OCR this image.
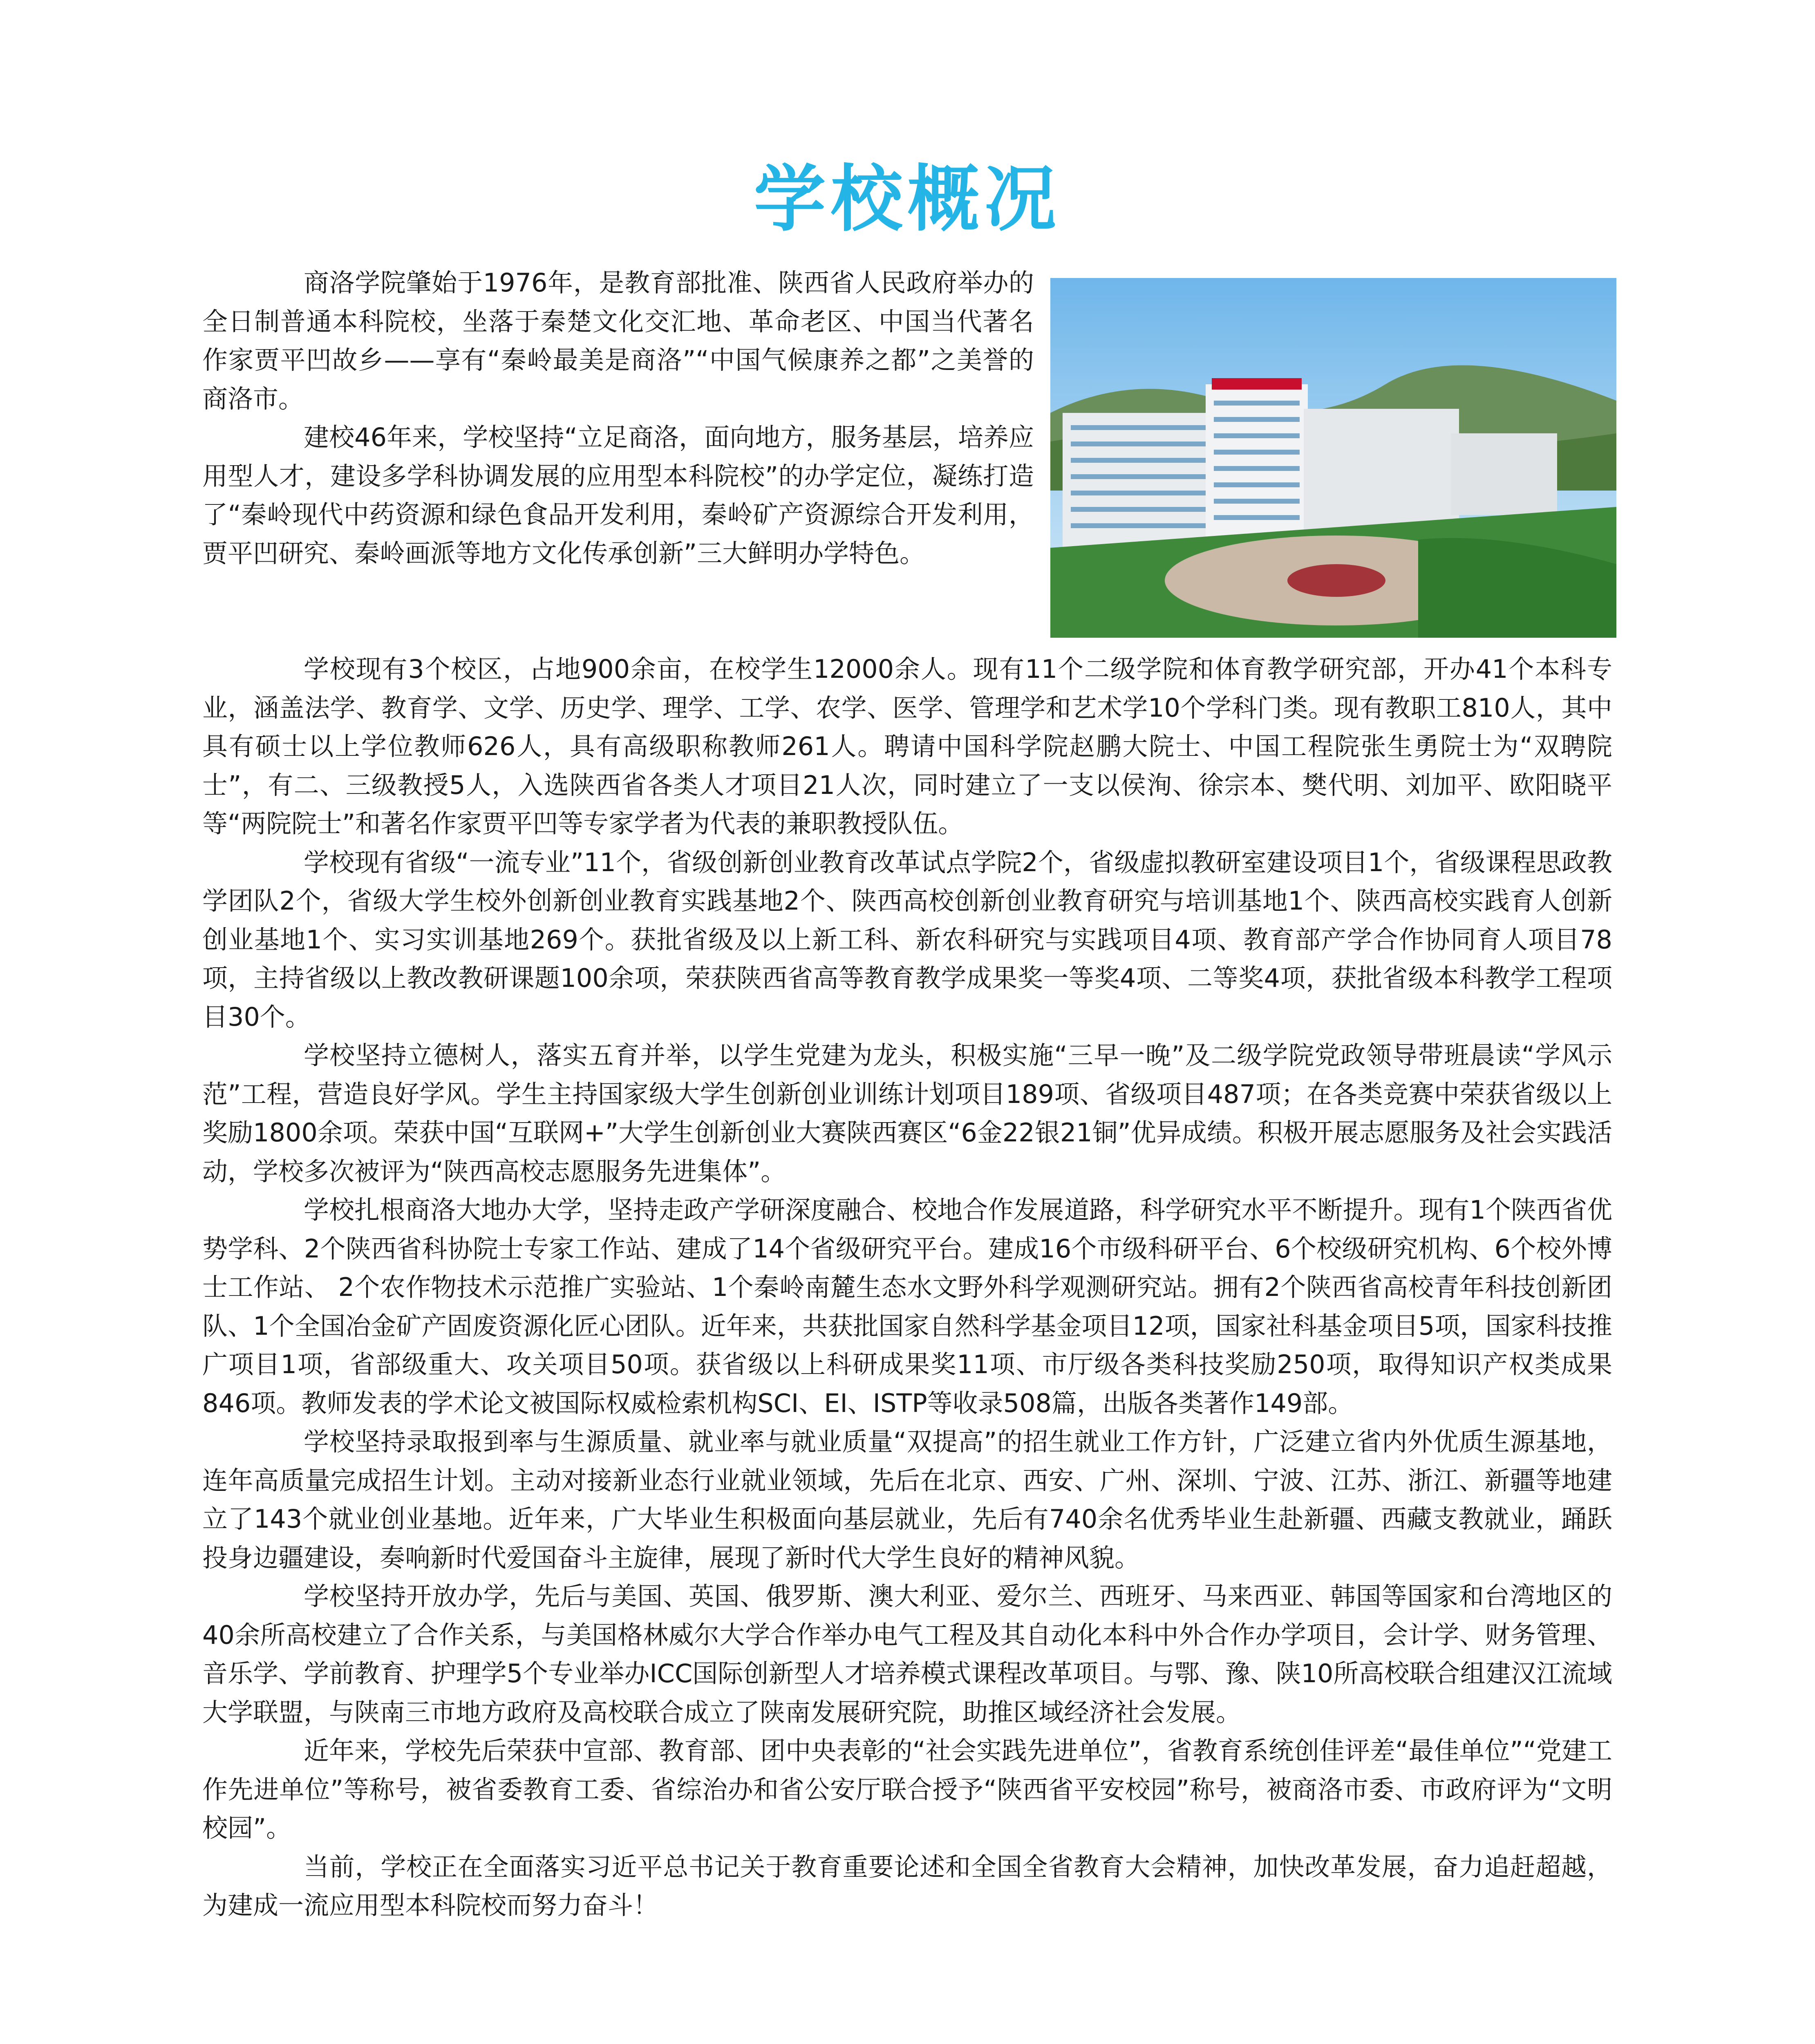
学校概况

商洛学院肇始于1976年，是教育部批准、陕西省人民政府举办的全日制普通本科院校，坐落于秦楚文化交汇地、革命老区、中国当代著名作家贾平凹故乡——享有“秦岭最美是商洛”“中国气候康养之都”之美誉的商洛市。

建校46年来，学校坚持“立足商洛，面向地方，服务基层，培养应用型人才，建设多学科协调发展的应用型本科院校”的办学定位，凝练打造了“秦岭现代中药资源和绿色食品开发利用，秦岭矿产资源综合开发利用，贾平凹研究、秦岭画派等地方文化传承创新”三大鲜明办学特色。

学校现有3个校区，占地900余亩，在校学生12000余人。现有11个二级学院和体育教学研究部，开办41个本科专业，涵盖法学、教育学、文学、历史学、理学、工学、农学、医学、管理学和艺术学10个学科门类。现有教职工810人，其中具有硕士以上学位教师626人，具有高级职称教师261人。聘请中国科学院赵鹏大院士、中国工程院张生勇院士为“双聘院士”，有二、三级教授5人，入选陕西省各类人才项目21人次，同时建立了一支以侯洵、徐宗本、樊代明、刘加平、欧阳晓平等“两院院士”和著名作家贾平凹等专家学者为代表的兼职教授队伍。

学校现有省级“一流专业”11个，省级创新创业教育改革试点学院2个，省级虚拟教研室建设项目1个，省级课程思政教学团队2个，省级大学生校外创新创业教育实践基地2个、陕西高校创新创业教育研究与培训基地1个、陕西高校实践育人创新创业基地1个、实习实训基地269个。获批省级及以上新工科、新农科研究与实践项目4项、教育部产学合作协同育人项目78项，主持省级以上教改教研课题100余项，荣获陕西省高等教育教学成果奖一等奖4项、二等奖4项，获批省级本科教学工程项目30个。

学校坚持立德树人，落实五育并举，以学生党建为龙头，积极实施“三早一晚”及二级学院党政领导带班晨读“学风示范”工程，营造良好学风。学生主持国家级大学生创新创业训练计划项目189项、省级项目487项；在各类竞赛中荣获省级以上奖励1800余项。荣获中国“互联网+”大学生创新创业大赛陕西赛区“6金22银21铜”优异成绩。积极开展志愿服务及社会实践活动，学校多次被评为“陕西高校志愿服务先进集体”。

学校扎根商洛大地办大学，坚持走政产学研深度融合、校地合作发展道路，科学研究水平不断提升。现有1个陕西省优势学科、2个陕西省科协院士专家工作站、建成了14个省级研究平台。建成16个市级科研平台、6个校级研究机构、6个校外博士工作站、 2个农作物技术示范推广实验站、1个秦岭南麓生态水文野外科学观测研究站。拥有2个陕西省高校青年科技创新团队、1个全国冶金矿产固废资源化匠心团队。近年来，共获批国家自然科学基金项目12项，国家社科基金项目5项，国家科技推广项目1项，省部级重大、攻关项目50项。获省级以上科研成果奖11项、市厅级各类科技奖励250项，取得知识产权类成果846项。教师发表的学术论文被国际权威检索机构SCI、EI、ISTP等收录508篇，出版各类著作149部。

学校坚持录取报到率与生源质量、就业率与就业质量“双提高”的招生就业工作方针，广泛建立省内外优质生源基地，连年高质量完成招生计划。主动对接新业态行业就业领域，先后在北京、西安、广州、深圳、宁波、江苏、浙江、新疆等地建立了143个就业创业基地。近年来，广大毕业生积极面向基层就业，先后有740余名优秀毕业生赴新疆、西藏支教就业，踊跃投身边疆建设，奏响新时代爱国奋斗主旋律，展现了新时代大学生良好的精神风貌。

学校坚持开放办学，先后与美国、英国、俄罗斯、澳大利亚、爱尔兰、西班牙、马来西亚、韩国等国家和台湾地区的40余所高校建立了合作关系，与美国格林威尔大学合作举办电气工程及其自动化本科中外合作办学项目，会计学、财务管理、音乐学、学前教育、护理学5个专业举办ICC国际创新型人才培养模式课程改革项目。与鄂、豫、陕10所高校联合组建汉江流域大学联盟，与陕南三市地方政府及高校联合成立了陕南发展研究院，助推区域经济社会发展。

近年来，学校先后荣获中宣部、教育部、团中央表彰的“社会实践先进单位”，省教育系统创佳评差“最佳单位”“党建工作先进单位”等称号，被省委教育工委、省综治办和省公安厅联合授予“陕西省平安校园”称号，被商洛市委、市政府评为“文明校园”。

当前，学校正在全面落实习近平总书记关于教育重要论述和全国全省教育大会精神，加快改革发展，奋力追赶超越，为建成一流应用型本科院校而努力奋斗！
